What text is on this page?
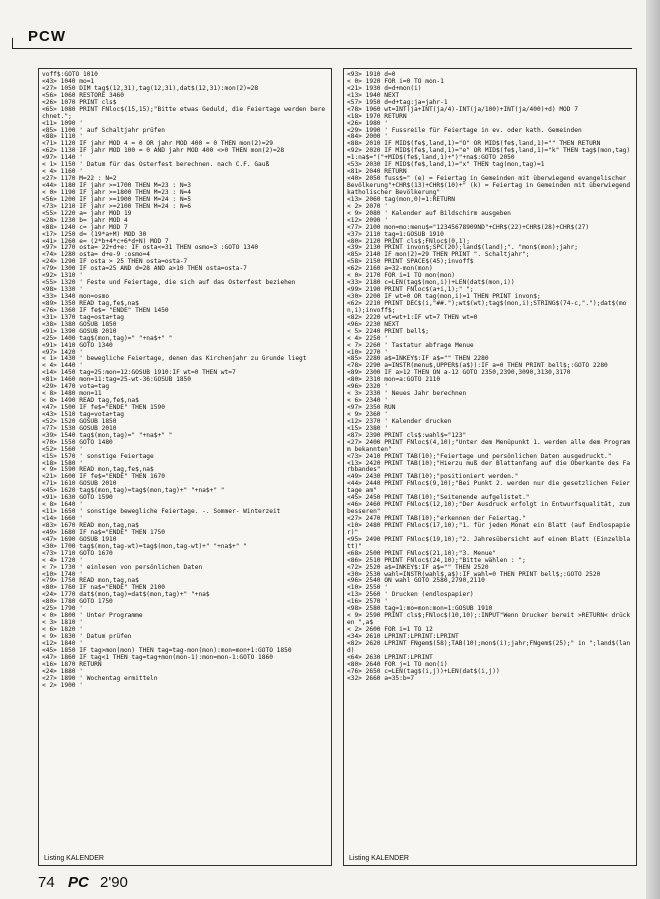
PCW
voff$:GOTO 1010
<43> 1040 mo=1
<27> 1050 DIM tag$(12,31),tag(12,31),dat$(12,31):mon(2)=28
<56> 1060 RESTORE 3460
<26> 1070 PRINT cls$
<65> 1080 PRINT FNloc$(15,15);"Bitte etwas Geduld, die Feiertage werden berechnet.";
<11> 1090 '
<85> 1100 ' auf Schaltjahr prüfen
<88> 1110 '
<71> 1120 IF jahr MOD 4 = 0 OR jahr MOD 400 = 0 THEN mon(2)=29
<62> 1130 IF jahr MOD 100 = 0 AND jahr MOD 400 <>0 THEN mon(2)=28
<97> 1140 '
< 1> 1150 ' Datum für das Osterfest berechnen. nach C.F. Gauß
< 4> 1160 '
<27> 1170 M=22 : N=2
<44> 1180 IF jahr >=1700 THEN M=23 : N=3
< 0> 1190 IF jahr >=1800 THEN M=23 : N=4
<56> 1200 IF jahr >=1900 THEN M=24 : N=5
<73> 1210 IF jahr >=2100 THEN M=24 : N=6
<55> 1220 a= jahr MOD 19
<28> 1230 b= jahr MOD 4
<88> 1240 c= jahr MOD 7
<17> 1250 d= (19*a+M) MOD 30
<41> 1260 e= (2*b+4*c+6*d+N) MOD 7
<97> 1270 osta= 22+d+e: IF osta<=31 THEN osmo=3 :GOTO 1340
<74> 1280 osta= d+e-9 :osmo=4
<24> 1290 IF osta > 25 THEN osta=osta-7
<79> 1300 IF osta=25 AND d=28 AND a>10 THEN osta=osta-7
<92> 1310 '
<55> 1320 ' Feste und Feiertage, die sich auf das Osterfest beziehen
<98> 1330 '
<33> 1340 mon=osmo
<89> 1350 READ tag,fe$,na$
<76> 1360 IF fe$= "ENDE" THEN 1450
<31> 1370 tag=osta+tag
<38> 1380 GOSUB 1850
<91> 1390 GOSUB 2010
<25> 1400 tag$(mon,tag)=" "+na$+" "
<91> 1410 GOTO 1340
<97> 1420 '
< 1> 1430 ' bewegliche Feiertage, denen das Kirchenjahr zu Grunde liegt
< 4> 1440 '
<14> 1450 tag=25:mon=12:GOSUB 1910:IF wt=0 THEN wt=7
<81> 1460 mon=11:tag=25-wt-36:GOSUB 1850
<29> 1470 vota=tag
< 8> 1480 mon=11
< 8> 1490 READ tag,fe$,na$
<47> 1500 IF fe$="ENDE" THEN 1590
<43> 1510 tag=vota+tag
<52> 1520 GOSUB 1850
<77> 1530 GOSUB 2010
<39> 1540 tag$(mon,tag)=" "+na$+" "
<70> 1550 GOTO 1480
<52> 1560 '
<15> 1570 ' sonstige Feiertage
<18> 1580 '
< 9> 1590 READ mon,tag,fe$,na$
<21> 1600 IF fe$="ENDE" THEN 1670
<71> 1610 GOSUB 2010
<45> 1620 tag$(mon,tag)=tag$(mon,tag)+" "+na$+" "
<91> 1630 GOTO 1590
< 8> 1640 '
<11> 1650 ' sonstige bewegliche Feiertage. -. Sommer- Winterzeit
<14> 1660 '
<83> 1670 READ mon,tag,na$
<49> 1680 IF na$="ENDE" THEN 1750
<47> 1690 GOSUB 1910
<30> 1700 tag$(mon,tag-wt)=tag$(mon,tag-wt)+" "+na$+" "
<73> 1710 GOTO 1670
< 4> 1720 '
< 7> 1730 ' einlesen von persönlichen Daten
<10> 1740 '
<79> 1750 READ mon,tag,na$
<80> 1760 IF na$="ENDE" THEN 2100
<24> 1770 dat$(mon,tag)=dat$(mon,tag)+" "+na$
<80> 1780 GOTO 1750
<25> 1790 '
< 0> 1800 ' Unter Programme
< 3> 1810 '
< 6> 1820 '
< 9> 1830 ' Datum prüfen
<12> 1840 '
<45> 1850 IF tag>mon(mon) THEN tag=tag-mon(mon):mon=mon+1:GOTO 1850
<47> 1860 IF tag<1 THEN tag=tag+mon(mon-1):mon=mon-1:GOTO 1860
<16> 1870 RETURN
<24> 1880 '
<27> 1890 ' Wochentag ermitteln
< 2> 1900 '
Listing KALENDER
<93> 1910 d=0
< 0> 1920 FOR i=0 TO mon-1
<21> 1930 d=d+mon(i)
<13> 1940 NEXT
<57> 1950 d=d+tag:ja=jahr-1
<78> 1960 wt=INT(ja+INT(ja/4)-INT(ja/100)+INT(ja/400)+d) MOD 7
<18> 1970 RETURN
<26> 1980 '
<29> 1990 ' Fussreile für Feiertage in ev. oder kath. Gemeinden
<84> 2000 '
<88> 2010 IF MID$(fe$,land,1)="O" OR MID$(fe$,land,1)="" THEN RETURN
<92> 2020 IF MID$(fe$,land,1)="e" OR MID$(fe$,land,1)="k" THEN tag$(mon,tag)=1:na$="("+MID$(fe$,land,1)+")"+na$:GOTO 2050
<53> 2030 IF MID$(fe$,land,1)="x" THEN tag(mon,tag)=1
<81> 2040 RETURN
<40> 2050 fuss$=" (e) = Feiertag in Gemeinden mit überwiegend evangelischer Bevölkerung"+CHR$(13)+CHR$(10)+" (k) = Feiertag in Gemeinden mit überwiegend katholischer Bevölkerung"
<13> 2060 tag(mon,0)=1:RETURN
< 2> 2070 '
< 9> 2080 ' Kalender auf Bildschirm ausgeben
<12> 2090 '
<77> 2100 mon=mo:menu$="12345678909ND"+CHR$(22)+CHR$(28)+CHR$(27)
<37> 2110 tag=1:GOSUB 1910
<80> 2120 PRINT cls$;FNloc$(0,1);
<39> 2130 PRINT invon$;SPC(20);land$(land);". "mon$(mon);jahr;
<85> 2140 IF mon(2)=29 THEN PRINT ". Schaltjahr";
<58> 2150 PRINT SPACE$(45);invoff$
<62> 2160 a=32-mon(mon)
< 0> 2170 FOR i=1 TO mon(mon)
<33> 2180 c=LEN(tag$(mon,i))+LEN(dat$(mon,i))
<99> 2190 PRINT FNloc$(a+i,1);" ";
<30> 2200 IF wt=0 OR tag(mon,i)=1 THEN PRINT invon$;
<62> 2210 PRINT DEC$(i,"##.");wt$(wt);tag$(mon,i);STRING$(74-c,".");dat$(mon,i);invoff$;
<82> 2220 wt=wt+1:IF wt=7 THEN wt=0
<96> 2230 NEXT
< 5> 2240 PRINT bell$;
< 4> 2250 '
< 7> 2260 ' Tastatur abfrage Menue
<10> 2270 '
<85> 2280 a$=INKEY$:IF a$="" THEN 2280
<78> 2290 a=INSTR(menu$,UPPER$(a$)):IF a=0 THEN PRINT bell$;:GOTO 2280
<89> 2300 IF a>12 THEN ON a-12 GOTO 2350,2390,3090,3130,3170
<80> 2310 mon=a:GOTO 2110
<96> 2320 '
< 3> 2330 ' Neues Jahr berechnen
< 6> 2340 '
<97> 2350 RUN
< 9> 2360 '
<12> 2370 ' Kalender drucken
<15> 2380 '
<87> 2390 PRINT cls$:wahl$="123"
<27> 2400 PRINT FNloc$(4,10);"Unter dem Menüpunkt 1. werden alle dem Programm bekannten"
<73> 2410 PRINT TAB(10);"Feiertage und persönlichen Daten ausgedruckt."
<13> 2420 PRINT TAB(10);"Hierzu muß der Blattanfang auf die Oberkante des Farbbandes"
<49> 2430 PRINT TAB(10);"positioniert werden."
<44> 2440 PRINT FNloc$(9,10);"Bei Punkt 2. werden nur die gesetzlichen Feiertage am"
<45> 2450 PRINT TAB(10);"Seitenende aufgelistet."
<46> 2460 PRINT FNloc$(12,10);"Der Ausdruck erfolgt in Entwurfsqualität, zum besseren"
<27> 2470 PRINT TAB(10);"erkennen der Feiertag."
<10> 2480 PRINT FNloc$(17,10);"1. für jeden Monat ein Blatt (auf Endlospapier)"
<95> 2490 PRINT FNloc$(19,10);"2. Jahresübersicht auf einem Blatt (Einzelblatt)"
<68> 2500 PRINT FNloc$(21,10);"3. Menue"
<86> 2510 PRINT FNloc$(24,10);"Bitte wählen : ";
<72> 2520 a$=INKEY$:IF a$="" THEN 2520
<30> 2530 wahl=INSTR(wahl$,a$):IF wahl=0 THEN PRINT bell$;:GOTO 2520
<96> 2540 ON wahl GOTO 2580,2790,2110
<10> 2550 '
<13> 2560 ' Drucken (endlospapier)
<16> 2570 '
<98> 2580 tag=1:mo=mon:mon=1:GOSUB 1910
< 9> 2590 PRINT cls$;FNloc$(10,10);:INPUT"Wenn Drucker bereit >RETURN< drücken ",a$
< 2> 2600 FOR i=1 TO 12
<34> 2610 LPRINT:LPRINT:LPRINT
<82> 2620 LPRINT FNgem$(58);TAB(10);mon$(i);jahr;FNgem$(25);" in ";land$(land)
<64> 2630 LPRINT:LPRINT
<80> 2640 FOR j=1 TO mon(i)
<76> 2650 c=LEN(tag$(i,j))+LEN(dat$(i,j))
<32> 2660 a=35:b=7
Listing KALENDER
74 PC 2'90
